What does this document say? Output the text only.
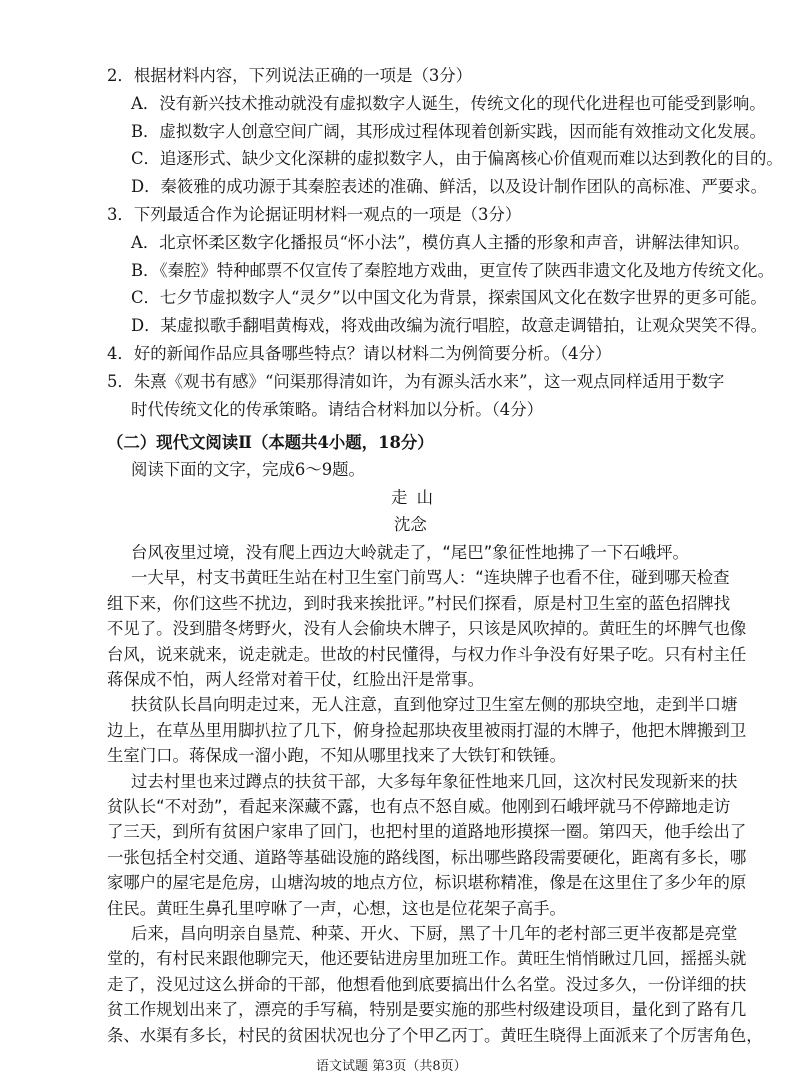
2．根据材料内容，下列说法正确的一项是（3分）
A．没有新兴技术推动就没有虚拟数字人诞生，传统文化的现代化进程也可能受到影响。
B．虚拟数字人创意空间广阔，其形成过程体现着创新实践，因而能有效推动文化发展。
C．追逐形式、缺少文化深耕的虚拟数字人，由于偏离核心价值观而难以达到教化的目的。
D．秦筱雅的成功源于其秦腔表述的准确、鲜活，以及设计制作团队的高标准、严要求。
3．下列最适合作为论据证明材料一观点的一项是（3分）
A．北京怀柔区数字化播报员“怀小法”，模仿真人主播的形象和声音，讲解法律知识。
B．《秦腔》特种邮票不仅宣传了秦腔地方戏曲，更宣传了陕西非遗文化及地方传统文化。
C．七夕节虚拟数字人“灵夕”以中国文化为背景，探索国风文化在数字世界的更多可能。
D．某虚拟歌手翻唱黄梅戏，将戏曲改编为流行唱腔，故意走调错拍，让观众哭笑不得。
4．好的新闻作品应具备哪些特点？请以材料二为例简要分析。（4分）
5．朱熹《观书有感》“问渠那得清如许，为有源头活水来”，这一观点同样适用于数字
时代传统文化的传承策略。请结合材料加以分析。（4分）
（二）现代文阅读Ⅱ（本题共4小题，18分）
阅读下面的文字，完成6～9题。
走 山
沈念
台风夜里过境，没有爬上西边大岭就走了，“尾巴”象征性地拂了一下石峨坪。
一大早，村支书黄旺生站在村卫生室门前骂人：“连块牌子也看不住，碰到哪天检查
组下来，你们这些不扰边，到时我来挨批评。”村民们探看，原是村卫生室的蓝色招牌找
不见了。没到腊冬烤野火，没有人会偷块木牌子，只该是风吹掉的。黄旺生的坏脾气也像
台风，说来就来，说走就走。世故的村民懂得，与权力作斗争没有好果子吃。只有村主任
蒋保成不怕，两人经常对着干仗，红脸出汗是常事。
扶贫队长昌向明走过来，无人注意，直到他穿过卫生室左侧的那块空地，走到半口塘
边上，在草丛里用脚扒拉了几下，俯身捡起那块夜里被雨打湿的木牌子，他把木牌搬到卫
生室门口。蒋保成一溜小跑，不知从哪里找来了大铁钉和铁锤。
过去村里也来过蹲点的扶贫干部，大多每年象征性地来几回，这次村民发现新来的扶
贫队长“不对劲”，看起来深藏不露，也有点不怒自威。他刚到石峨坪就马不停蹄地走访
了三天，到所有贫困户家串了回门，也把村里的道路地形摸探一圈。第四天，他手绘出了
一张包括全村交通、道路等基础设施的路线图，标出哪些路段需要硬化，距离有多长，哪
家哪户的屋宅是危房，山塘沟坡的地点方位，标识堪称精准，像是在这里住了多少年的原
住民。黄旺生鼻孔里哼咻了一声，心想，这也是位花架子高手。
后来，昌向明亲自垦荒、种菜、开火、下厨，黑了十几年的老村部三更半夜都是亮堂
堂的，有村民来跟他聊完天，他还要钻进房里加班工作。黄旺生悄悄瞅过几回，摇摇头就
走了，没见过这么拼命的干部，他想看他到底要搞出什么名堂。没过多久，一份详细的扶
贫工作规划出来了，漂亮的手写稿，特别是要实施的那些村级建设项目，量化到了路有几
条、水渠有多长，村民的贫困状况也分了个甲乙丙丁。黄旺生晓得上面派来了个厉害角色，
语文试题 第3页（共8页）
